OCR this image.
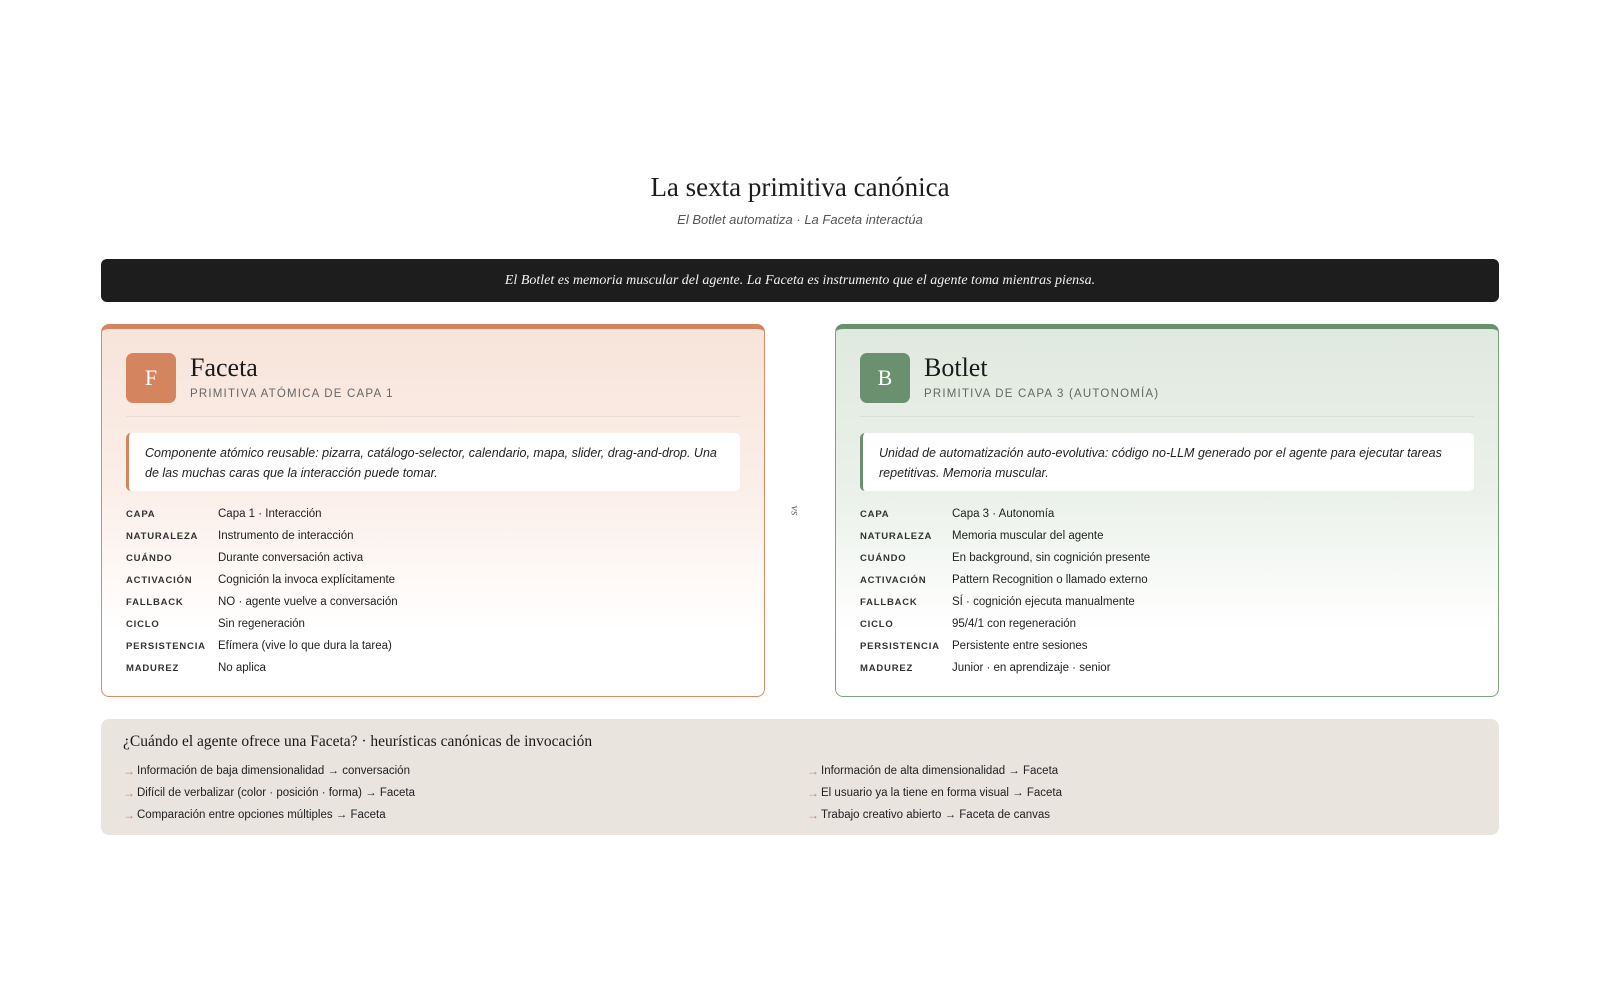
La sexta primitiva canónica
El Botlet automatiza · La Faceta interactúa
El Botlet es memoria muscular del agente. La Faceta es instrumento que el agente toma mientras piensa.
F	Faceta
PRIMITIVA ATÓMICA DE CAPA 1
Componente atómico reusable: pizarra, catálogo-selector, calendario, mapa, slider, drag-and-drop. Una de las muchas caras que la interacción puede tomar.
CAPA	Capa 1 · Interacción
NATURALEZA	Instrumento de interacción
CUÁNDO	Durante conversación activa
ACTIVACIÓN	Cognición la invoca explícitamente
FALLBACK	NO · agente vuelve a conversación
CICLO	Sin regeneración
PERSISTENCIA	Efímera (vive lo que dura la tarea)
MADUREZ	No aplica
vs
B	Botlet
PRIMITIVA DE CAPA 3 (AUTONOMÍA)
Unidad de automatización auto-evolutiva: código no-LLM generado por el agente para ejecutar tareas repetitivas. Memoria muscular.
CAPA	Capa 3 · Autonomía
NATURALEZA	Memoria muscular del agente
CUÁNDO	En background, sin cognición presente
ACTIVACIÓN	Pattern Recognition o llamado externo
FALLBACK	SÍ · cognición ejecuta manualmente
CICLO	95/4/1 con regeneración
PERSISTENCIA	Persistente entre sesiones
MADUREZ	Junior · en aprendizaje · senior
¿Cuándo el agente ofrece una Faceta? · heurísticas canónicas de invocación
→ Información de baja dimensionalidad → conversación
→ Difícil de verbalizar (color · posición · forma) → Faceta
→ Comparación entre opciones múltiples → Faceta
→ Información de alta dimensionalidad → Faceta
→ El usuario ya la tiene en forma visual → Faceta
→ Trabajo creativo abierto → Faceta de canvas
